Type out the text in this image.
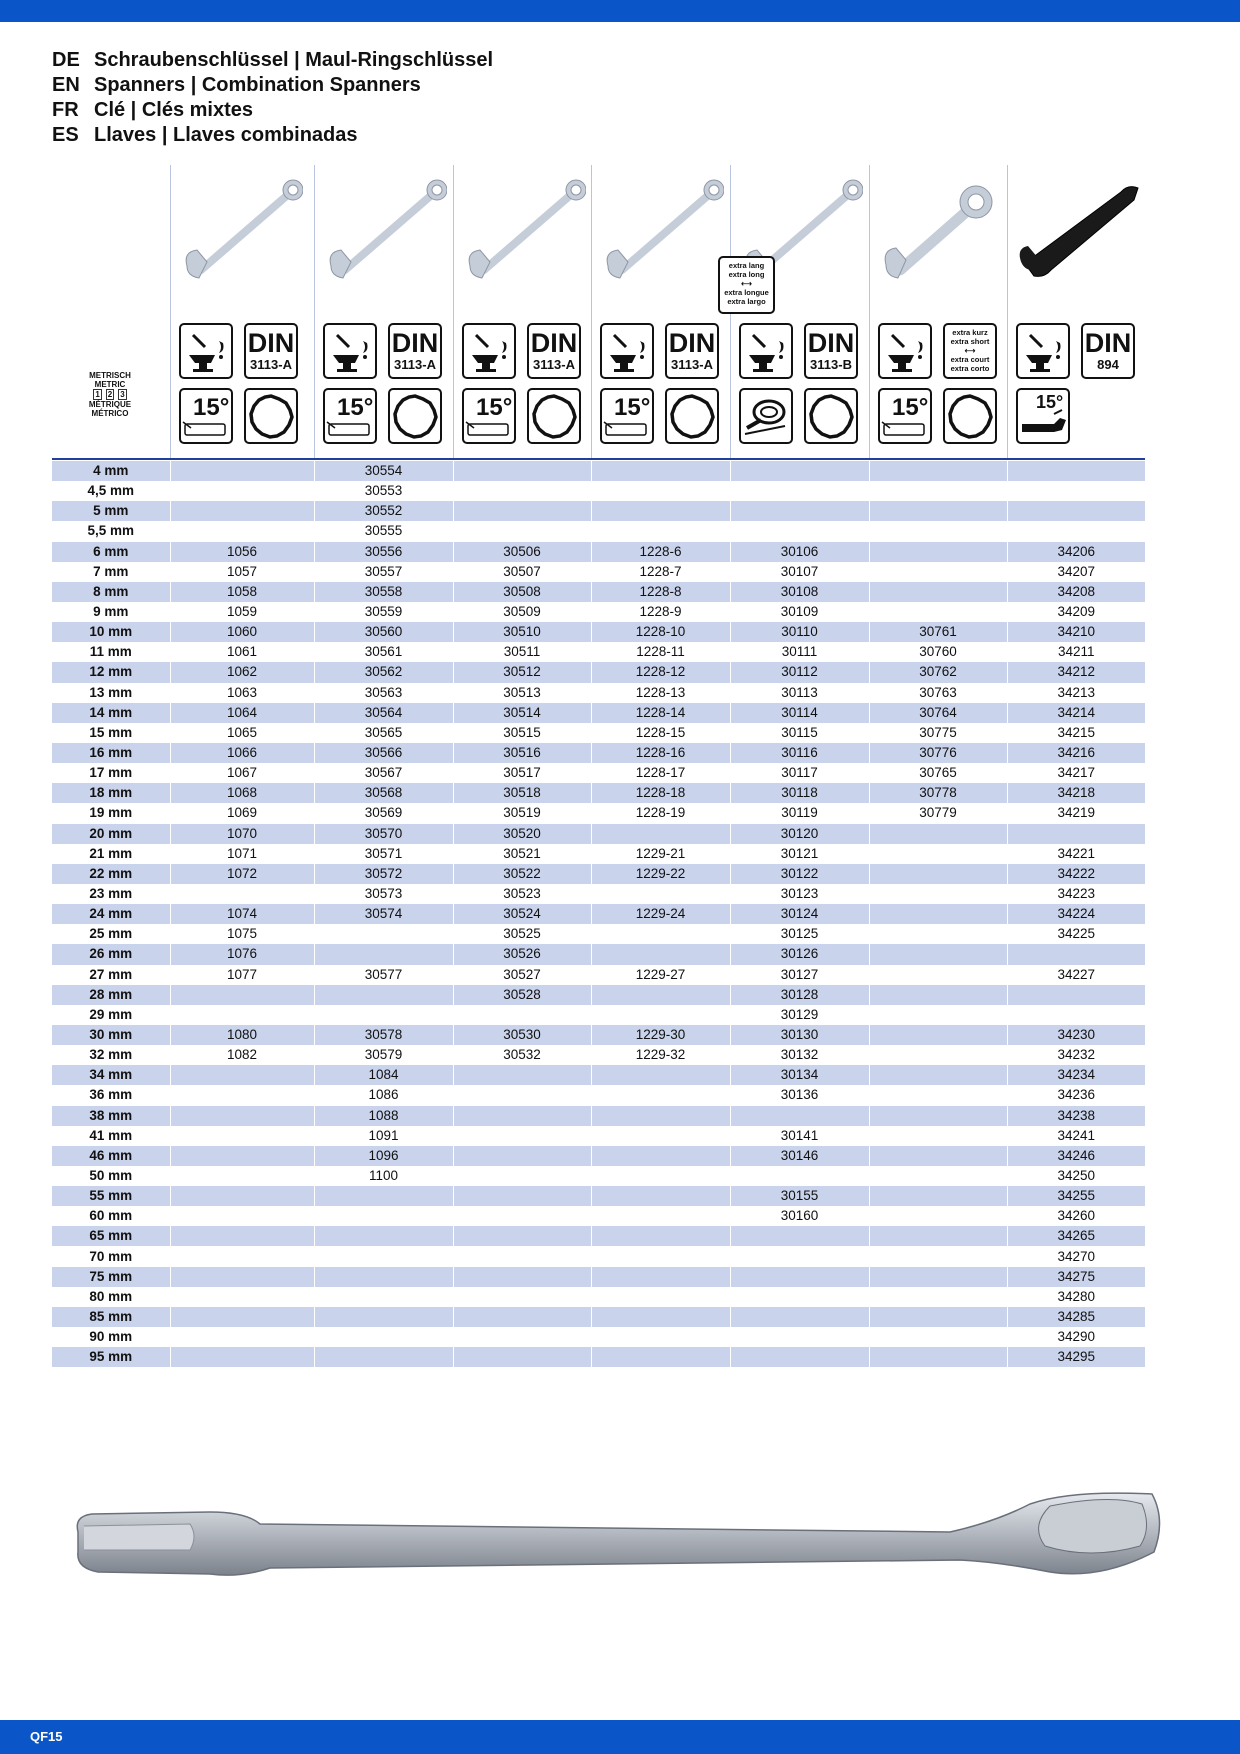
DE Schraubenschlüssel | Maul-Ringschlüssel
EN Spanners | Combination Spanners
FR Clé | Clés mixtes
ES Llaves | Llaves combinadas
METRISCH
METRIC
1 2 3
MÉTRIQUE
MÉTRICO
DIN
3113-A
15°
DIN
3113-A
15°
DIN
3113-A
15°
DIN
3113-A
15°
DIN
3113-B
extra kurz
extra short
⟷
extra court
extra corto
15°
DIN
894
15°
extra lang
extra long
⟷
extra longue
extra largo
4 mm		30554					
4,5 mm		30553					
5 mm		30552					
5,5 mm		30555					
6 mm	1056	30556	30506	1228-6	30106		34206
7 mm	1057	30557	30507	1228-7	30107		34207
8 mm	1058	30558	30508	1228-8	30108		34208
9 mm	1059	30559	30509	1228-9	30109		34209
10 mm	1060	30560	30510	1228-10	30110	30761	34210
11 mm	1061	30561	30511	1228-11	30111	30760	34211
12 mm	1062	30562	30512	1228-12	30112	30762	34212
13 mm	1063	30563	30513	1228-13	30113	30763	34213
14 mm	1064	30564	30514	1228-14	30114	30764	34214
15 mm	1065	30565	30515	1228-15	30115	30775	34215
16 mm	1066	30566	30516	1228-16	30116	30776	34216
17 mm	1067	30567	30517	1228-17	30117	30765	34217
18 mm	1068	30568	30518	1228-18	30118	30778	34218
19 mm	1069	30569	30519	1228-19	30119	30779	34219
20 mm	1070	30570	30520		30120		
21 mm	1071	30571	30521	1229-21	30121		34221
22 mm	1072	30572	30522	1229-22	30122		34222
23 mm		30573	30523		30123		34223
24 mm	1074	30574	30524	1229-24	30124		34224
25 mm	1075		30525		30125		34225
26 mm	1076		30526		30126		
27 mm	1077	30577	30527	1229-27	30127		34227
28 mm			30528		30128		
29 mm					30129		
30 mm	1080	30578	30530	1229-30	30130		34230
32 mm	1082	30579	30532	1229-32	30132		34232
34 mm		1084			30134		34234
36 mm		1086			30136		34236
38 mm		1088					34238
41 mm		1091			30141		34241
46 mm		1096			30146		34246
50 mm		1100					34250
55 mm					30155		34255
60 mm					30160		34260
65 mm							34265
70 mm							34270
75 mm							34275
80 mm							34280
85 mm							34285
90 mm							34290
95 mm							34295
QF15
